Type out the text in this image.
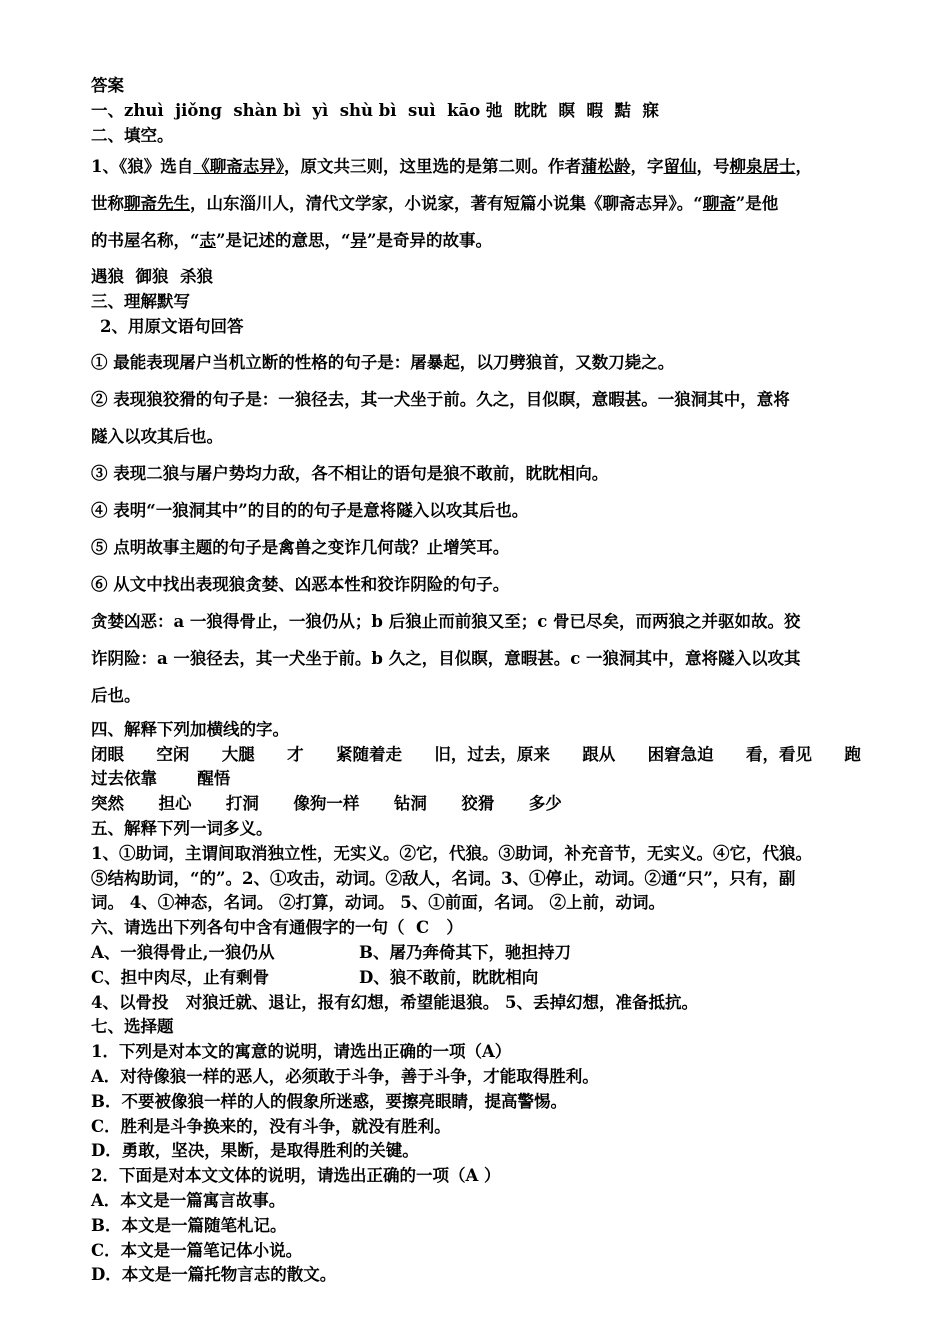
答案
一、zhuì  jiǒng  shàn bì  yì  shù bì  suì  kāo 弛  眈眈  瞑  暇  黠  寐
二、填空。
1、《狼》选自《聊斋志异》，原文共三则，这里选的是第二则。作者蒲松龄，字留仙，号柳泉居士，
世称聊斋先生，山东淄川人，清代文学家，小说家，著有短篇小说集《聊斋志异》。“聊斋”是他
的书屋名称，“志”是记述的意思，“异”是奇异的故事。
遇狼  御狼  杀狼
三、理解默写
2、用原文语句回答
① 最能表现屠户当机立断的性格的句子是：屠暴起，以刀劈狼首，又数刀毙之。
② 表现狼狡猾的句子是：一狼径去，其一犬坐于前。久之，目似瞑，意暇甚。一狼洞其中，意将
隧入以攻其后也。
③ 表现二狼与屠户势均力敌，各不相让的语句是狼不敢前，眈眈相向。
④ 表明“一狼洞其中”的目的的句子是意将隧入以攻其后也。
⑤ 点明故事主题的句子是禽兽之变诈几何哉？止增笑耳。
⑥ 从文中找出表现狼贪婪、凶恶本性和狡诈阴险的句子。
贪婪凶恶：a 一狼得骨止，一狼仍从；b 后狼止而前狼又至；c 骨已尽矣，而两狼之并驱如故。狡
诈阴险：a 一狼径去，其一犬坐于前。b 久之，目似瞑，意暇甚。c 一狼洞其中，意将隧入以攻其
后也。
四、解释下列加横线的字。
闭眼 空闲 大腿 才 紧随着走 旧，过去，原来 跟从 困窘急迫 看，看见 跑
过去依靠       醒悟
突然      担心      打洞      像狗一样      钻洞      狡猾      多少
五、解释下列一词多义。
1、①助词，主谓间取消独立性，无实义。②它，代狼。③助词，补充音节，无实义。④它，代狼。
⑤结构助词，“的”。2、①攻击，动词。②敌人，名词。3、①停止，动词。②通“只”，只有，副
词。 4、①神态，名词。 ②打算，动词。 5、①前面，名词。 ②上前，动词。
六、请选出下列各句中含有通假字的一句（  C   ）
A、一狼得骨止,一狼仍从	B、屠乃奔倚其下，驰担持刀
C、担中肉尽，止有剩骨	D、狼不敢前，眈眈相向
4、以骨投   对狼迁就、退让，报有幻想，希望能退狼。 5、丢掉幻想，准备抵抗。
七、选择题
1．下列是对本文的寓意的说明，请选出正确的一项（A）
A．对待像狼一样的恶人，必须敢于斗争，善于斗争，才能取得胜利。
B．不要被像狼一样的人的假象所迷惑，要擦亮眼睛，提高警惕。
C．胜利是斗争换来的，没有斗争，就没有胜利。
D．勇敢，坚决，果断，是取得胜利的关键。
2．下面是对本文文体的说明，请选出正确的一项（A ）
A．本文是一篇寓言故事。
B．本文是一篇随笔札记。
C．本文是一篇笔记体小说。
D．本文是一篇托物言志的散文。
